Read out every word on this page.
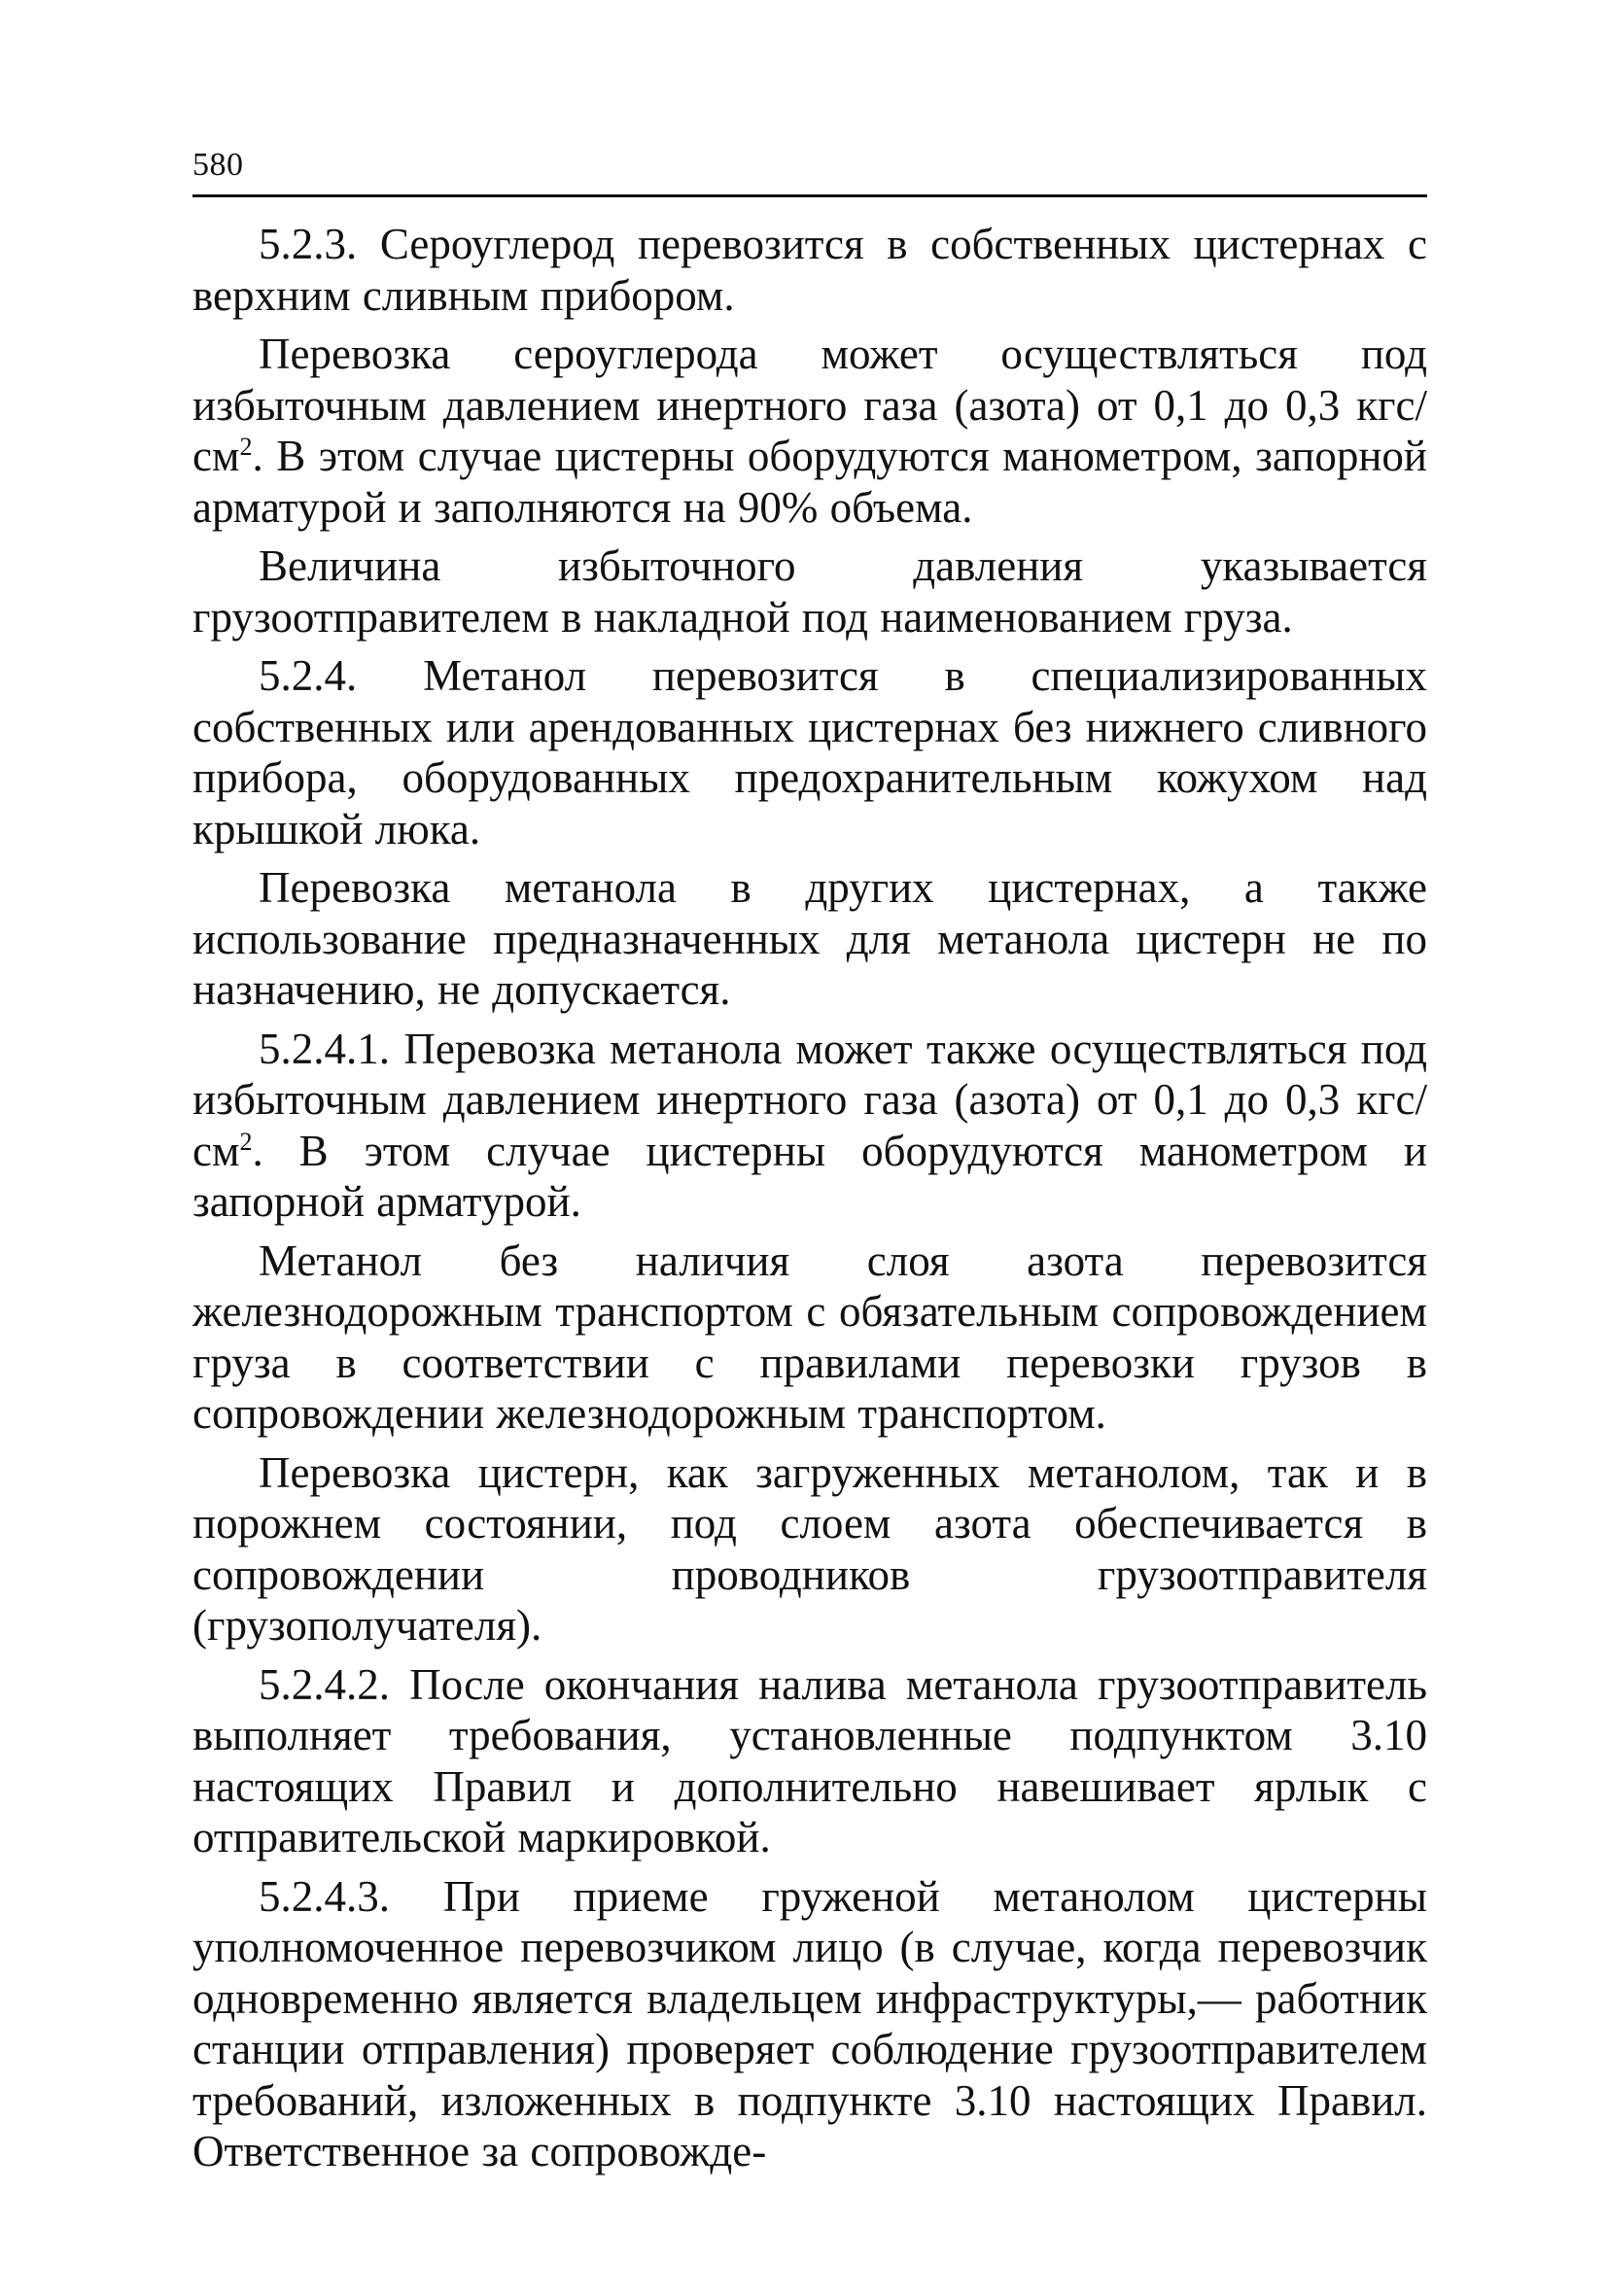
580

5.2.3. Сероуглерод перевозится в собственных цистернах с верхним сливным прибором.

Перевозка сероуглерода может осуществляться под избыточным давлением инертного газа (азота) от 0,1 до 0,3 кгс/$см^2$. В этом случае цистерны оборудуются манометром, запорной арматурой и заполняются на 90% объема.

Величина избыточного давления указывается грузоотправителем в накладной под наименованием груза.

5.2.4. Метанол перевозится в специализированных собственных или арендованных цистернах без нижнего сливного прибора, оборудованных предохранительным кожухом над крышкой люка.

Перевозка метанола в других цистернах, а также использование предназначенных для метанола цистерн не по назначению, не допускается.

5.2.4.1. Перевозка метанола может также осуществляться под избыточным давлением инертного газа (азота) от 0,1 до 0,3 кгс/$см^2$. В этом случае цистерны оборудуются манометром и запорной арматурой.

Метанол без наличия слоя азота перевозится железнодорожным транспортом с обязательным сопровождением груза в соответствии с правилами перевозки грузов в сопровождении железнодорожным транспортом.

Перевозка цистерн, как загруженных метанолом, так и в порожнем состоянии, под слоем азота обеспечивается в сопровождении проводников грузоотправителя (грузополучателя).

5.2.4.2. После окончания налива метанола грузоотправитель выполняет требования, установленные подпунктом 3.10 настоящих Правил и дополнительно навешивает ярлык с отправительской маркировкой.

5.2.4.3. При приеме груженой метанолом цистерны уполномоченное перевозчиком лицо (в случае, когда перевозчик одновременно является владельцем инфраструктуры,— работник станции отправления) проверяет соблюдение грузоотправителем требований, изложенных в подпункте 3.10 настоящих Правил. Ответственное за сопровожде-
